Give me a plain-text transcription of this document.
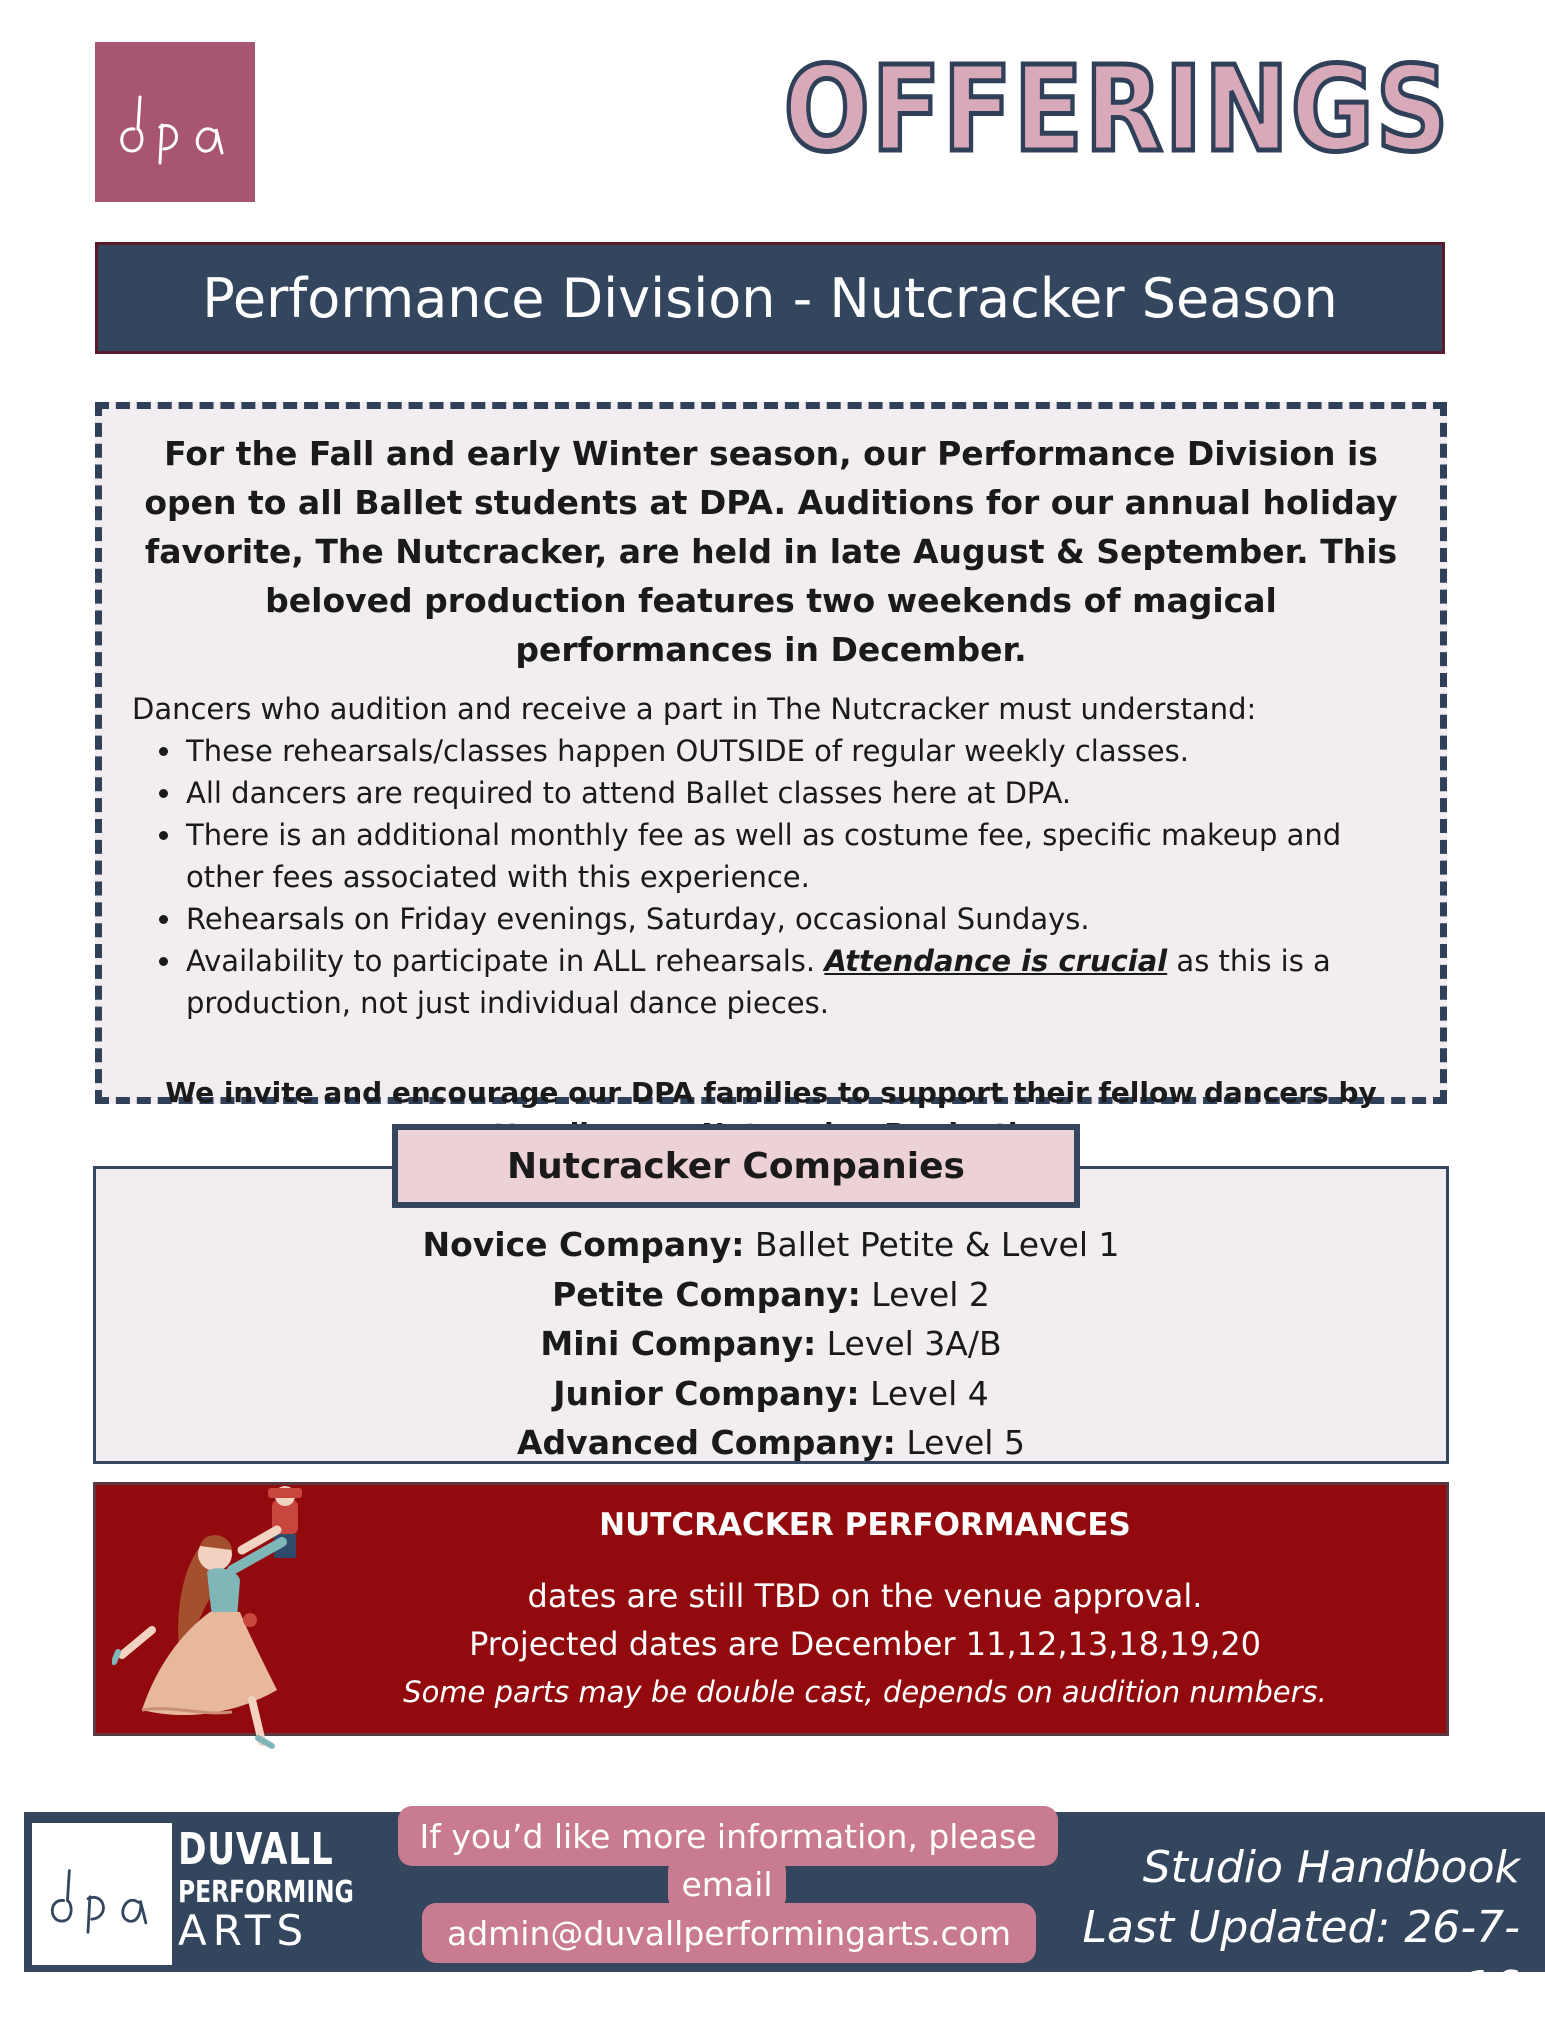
OFFERINGS
Performance Division - Nutcracker Season

For the Fall and early Winter season, our Performance Division is open to all Ballet students at DPA. Auditions for our annual holiday favorite, The Nutcracker, are held in late August & September. This beloved production features two weekends of magical performances in December.

Dancers who audition and receive a part in The Nutcracker must understand:

• These rehearsals/classes happen OUTSIDE of regular weekly classes.
• All dancers are required to attend Ballet classes here at DPA.
• There is an additional monthly fee as well as costume fee, specific makeup and other fees associated with this experience.
• Rehearsals on Friday evenings, Saturday, occasional Sundays.
• Availability to participate in ALL rehearsals. Attendance is crucial as this is a production, not just individual dance pieces.

We invite and encourage our DPA families to support their fellow dancers by

Nutcracker Companies
Novice Company: Ballet Petite & Level 1
Petite Company: Level 2
Mini Company: Level 3A/B
Junior Company: Level 4
Advanced Company: Level 5

NUTCRACKER PERFORMANCES

dates are still TBD on the venue approval.

Projected dates are December 11,12,13,18,19,20

Some parts may be double cast, depends on audition numbers.

DUVALL
PERFORMING
ARTS
If you’d like more information, please
email
admin@duvallperformingarts.com
Studio Handbook
Last Updated: 26-7-16
